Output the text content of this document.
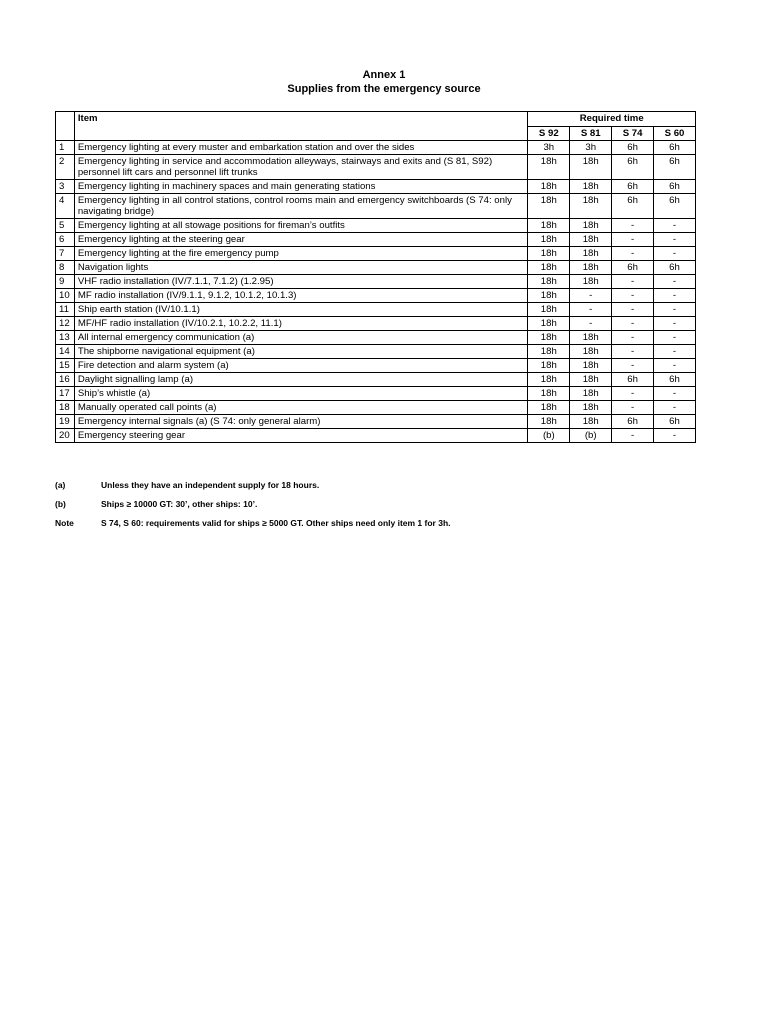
Annex 1
Supplies from the emergency source
	Item	Required time			
		S 92	S 81	S 74	S 60
1	Emergency lighting at every muster and embarkation station and over the sides	3h	3h	6h	6h
2	Emergency lighting in service and accommodation alleyways, stairways and exits and (S 81, S92) personnel lift cars and personnel lift trunks	18h	18h	6h	6h
3	Emergency lighting in machinery spaces and main generating stations	18h	18h	6h	6h
4	Emergency lighting in all control stations, control rooms main and emergency switchboards (S 74: only navigating bridge)	18h	18h	6h	6h
5	Emergency lighting at all stowage positions for fireman’s outfits	18h	18h	-	-
6	Emergency lighting at the steering gear	18h	18h	-	-
7	Emergency lighting at the fire emergency pump	18h	18h	-	-
8	Navigation lights	18h	18h	6h	6h
9	VHF radio installation (IV/7.1.1, 7.1.2) (1.2.95)	18h	18h	-	-
10	MF radio installation (IV/9.1.1, 9.1.2, 10.1.2, 10.1.3)	18h	-	-	-
11	Ship earth station (IV/10.1.1)	18h	-	-	-
12	MF/HF radio installation (IV/10.2.1, 10.2.2, 11.1)	18h	-	-	-
13	All internal emergency communication (a)	18h	18h	-	-
14	The shipborne navigational equipment (a)	18h	18h	-	-
15	Fire detection and alarm system (a)	18h	18h	-	-
16	Daylight signalling lamp (a)	18h	18h	6h	6h
17	Ship’s whistle (a)	18h	18h	-	-
18	Manually operated call points (a)	18h	18h	-	-
19	Emergency internal signals (a) (S 74: only general alarm)	18h	18h	6h	6h
20	Emergency steering gear	(b)	(b)	-	-
(a)	Unless they have an independent supply for 18 hours.
(b)	Ships ≥ 10000 GT: 30’, other ships: 10’.
Note	S 74, S 60: requirements valid for ships ≥ 5000 GT. Other ships need only item 1 for 3h.
